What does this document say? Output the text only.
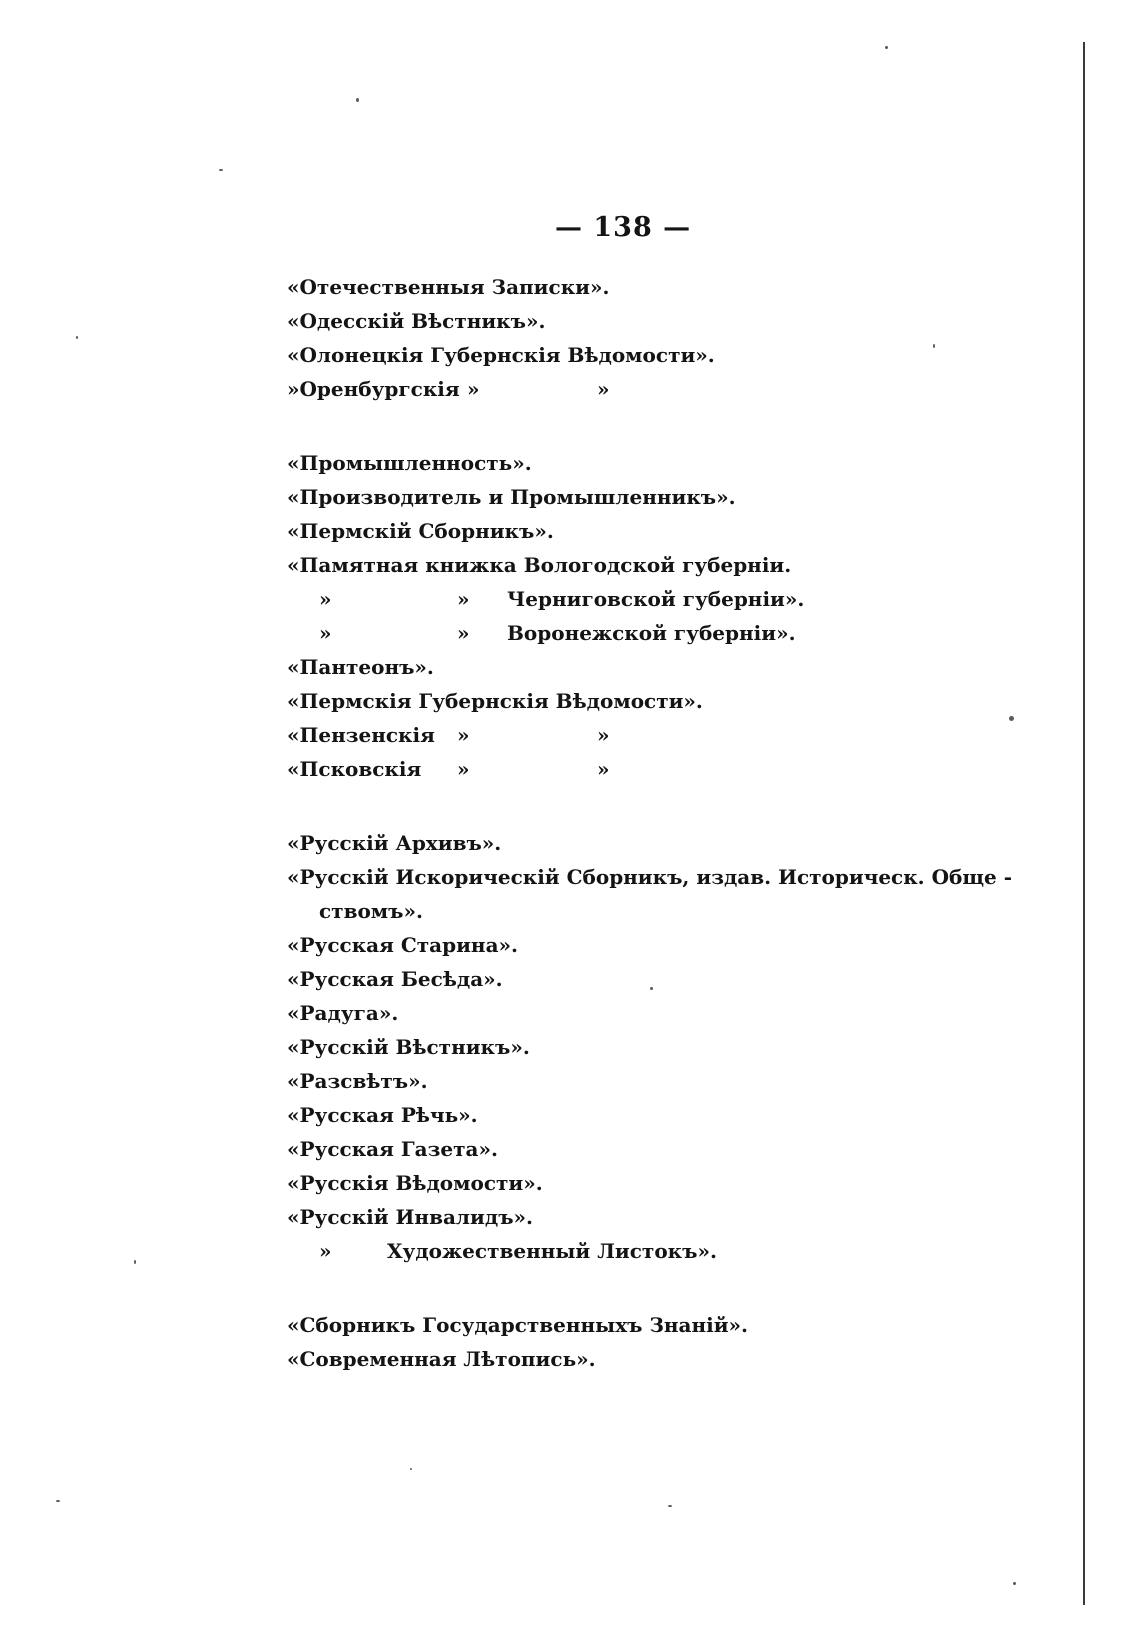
— 138 —
«Отечественныя Записки».
«Одесскій Вѣстникъ».
«Олонецкія Губернскія Вѣдомости».
»Оренбургскія »	»
«Промышленность».
«Производитель и Промышленникъ».
«Пермскій Сборникъ».
«Памятная книжка Вологодской губерніи.
»	» Черниговской губерніи».
»	» Воронежской губерніи».
«Пантеонъ».
«Пермскія Губернскія Вѣдомости».
«Пензенскія »	»
«Псковскія »	»
«Русскій Архивъ».
«Русскій Искорическій Сборникъ, издав. Историческ. Обще -
ствомъ».
«Русская Старина».
«Русская Бесѣда».
«Радуга».
«Русскій Вѣстникъ».
«Разсвѣтъ».
«Русская Рѣчь».
«Русская Газета».
«Русскія Вѣдомости».
«Русскій Инвалидъ».
»	Художественный Листокъ».
«Сборникъ Государственныхъ Знаній».
«Современная Лѣтопись».
